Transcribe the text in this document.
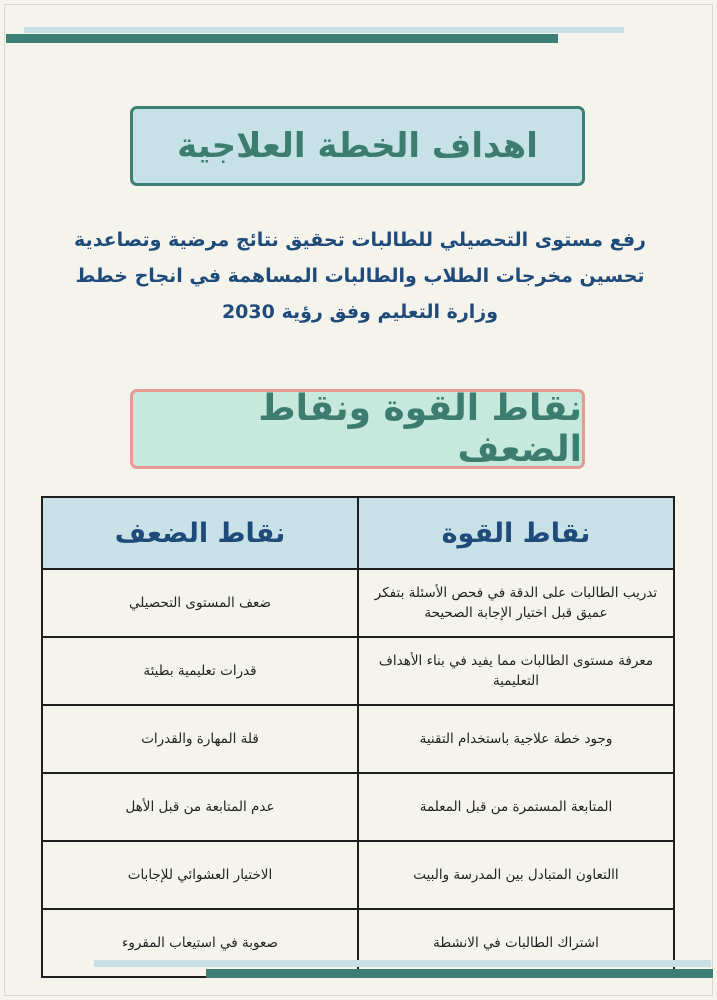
اهداف الخطة العلاجية
رفع مستوى التحصيلي للطالبات تحقيق نتائج مرضية وتصاعدية
تحسين مخرجات الطلاب والطالبات المساهمة في انجاح خطط
وزارة التعليم وفق رؤية 2030
نقاط القوة ونقاط الضعف
نقاط القوة	نقاط الضعف
تدريب الطالبات على الدقة في فحص الأسئلة بتفكر عميق قبل اختيار الإجابة الصحيحة	ضعف المستوى التحصيلي
معرفة مستوى الطالبات مما يفيد في بناء الأهداف التعليمية	قدرات تعليمية بطيئة
وجود خطة علاجية باستخدام التقنية	قلة المهارة والقدرات
المتابعة المستمرة من قبل المعلمة	عدم المتابعة من قبل الأهل
االتعاون المتبادل بين المدرسة والبيت	الاختيار العشوائي للإجابات
اشتراك الطالبات في الانشطة	صعوبة في استيعاب المقروء
